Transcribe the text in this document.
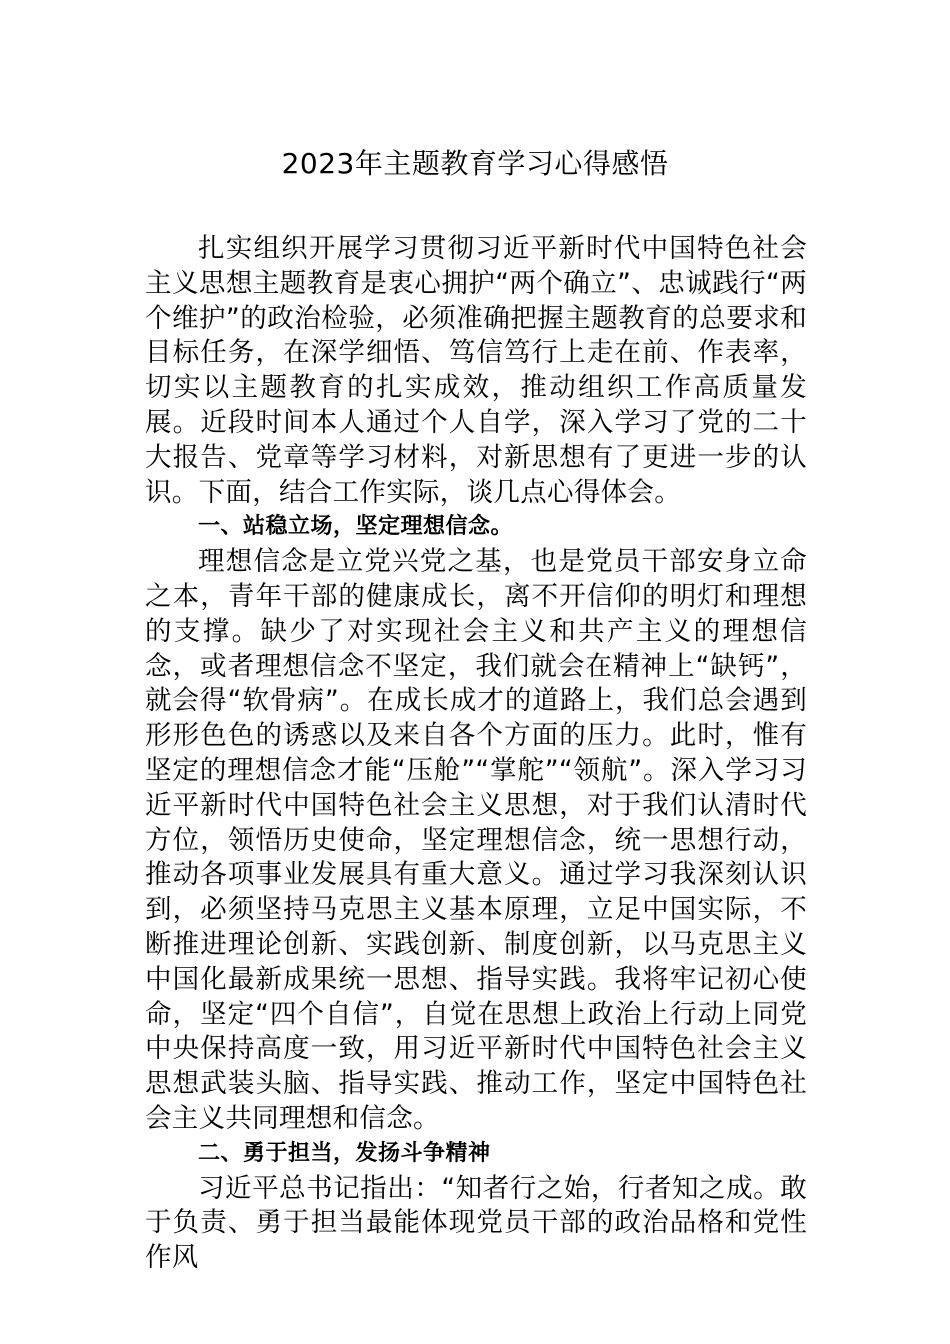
2023年主题教育学习心得感悟

扎实组织开展学习贯彻习近平新时代中国特色社会主义思想主题教育是衷心拥护“两个确立”、忠诚践行“两个维护”的政治检验，必须准确把握主题教育的总要求和目标任务，在深学细悟、笃信笃行上走在前、作表率，切实以主题教育的扎实成效，推动组织工作高质量发展。近段时间本人通过个人自学，深入学习了党的二十大报告、党章等学习材料，对新思想有了更进一步的认识。下面，结合工作实际，谈几点心得体会。

一、站稳立场，坚定理想信念。

理想信念是立党兴党之基，也是党员干部安身立命之本，青年干部的健康成长，离不开信仰的明灯和理想的支撑。缺少了对实现社会主义和共产主义的理想信念，或者理想信念不坚定，我们就会在精神上“缺钙”，就会得“软骨病”。在成长成才的道路上，我们总会遇到形形色色的诱惑以及来自各个方面的压力。此时，惟有坚定的理想信念才能“压舱”“掌舵”“领航”。深入学习习近平新时代中国特色社会主义思想，对于我们认清时代方位，领悟历史使命，坚定理想信念，统一思想行动，推动各项事业发展具有重大意义。通过学习我深刻认识到，必须坚持马克思主义基本原理，立足中国实际，不断推进理论创新、实践创新、制度创新，以马克思主义中国化最新成果统一思想、指导实践。我将牢记初心使命，坚定“四个自信”，自觉在思想上政治上行动上同党中央保持高度一致，用习近平新时代中国特色社会主义思想武装头脑、指导实践、推动工作，坚定中国特色社会主义共同理想和信念。

二、勇于担当，发扬斗争精神

习近平总书记指出：“知者行之始，行者知之成。敢于负责、勇于担当最能体现党员干部的政治品格和党性作风
